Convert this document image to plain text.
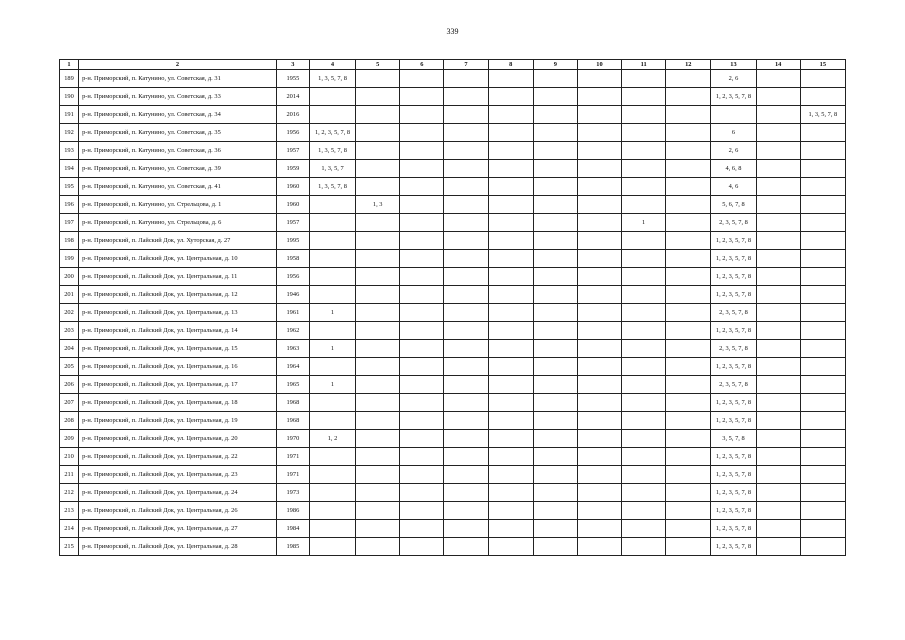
339
1	2	3	4	5	6	7	8	9	10	11	12	13	14	15
189	р-н. Приморский, п. Катунино, ул. Советская, д. 31	1955	1, 3, 5, 7, 8									2, 6		
190	р-н. Приморский, п. Катунино, ул. Советская, д. 33	2014										1, 2, 3, 5, 7, 8		
191	р-н. Приморский, п. Катунино, ул. Советская, д. 34	2016												1, 3, 5, 7, 8
192	р-н. Приморский, п. Катунино, ул. Советская, д. 35	1956	1, 2, 3, 5, 7, 8									6		
193	р-н. Приморский, п. Катунино, ул. Советская, д. 36	1957	1, 3, 5, 7, 8									2, 6		
194	р-н. Приморский, п. Катунино, ул. Советская, д. 39	1959	1, 3, 5, 7									4, 6, 8		
195	р-н. Приморский, п. Катунино, ул. Советская, д. 41	1960	1, 3, 5, 7, 8									4, 6		
196	р-н. Приморский, п. Катунино, ул. Стрельцова, д. 1	1960		1, 3								5, 6, 7, 8		
197	р-н. Приморский, п. Катунино, ул. Стрельцова, д. 6	1957								1		2, 3, 5, 7, 8		
198	р-н. Приморский, п. Лайский Док, ул. Хуторская, д. 27	1995										1, 2, 3, 5, 7, 8		
199	р-н. Приморский, п. Лайский Док, ул. Центральная, д. 10	1958										1, 2, 3, 5, 7, 8		
200	р-н. Приморский, п. Лайский Док, ул. Центральная, д. 11	1956										1, 2, 3, 5, 7, 8		
201	р-н. Приморский, п. Лайский Док, ул. Центральная, д. 12	1946										1, 2, 3, 5, 7, 8		
202	р-н. Приморский, п. Лайский Док, ул. Центральная, д. 13	1961	1									2, 3, 5, 7, 8		
203	р-н. Приморский, п. Лайский Док, ул. Центральная, д. 14	1962										1, 2, 3, 5, 7, 8		
204	р-н. Приморский, п. Лайский Док, ул. Центральная, д. 15	1963	1									2, 3, 5, 7, 8		
205	р-н. Приморский, п. Лайский Док, ул. Центральная, д. 16	1964										1, 2, 3, 5, 7, 8		
206	р-н. Приморский, п. Лайский Док, ул. Центральная, д. 17	1965	1									2, 3, 5, 7, 8		
207	р-н. Приморский, п. Лайский Док, ул. Центральная, д. 18	1968										1, 2, 3, 5, 7, 8		
208	р-н. Приморский, п. Лайский Док, ул. Центральная, д. 19	1968										1, 2, 3, 5, 7, 8		
209	р-н. Приморский, п. Лайский Док, ул. Центральная, д. 20	1970	1, 2									3, 5, 7, 8		
210	р-н. Приморский, п. Лайский Док, ул. Центральная, д. 22	1971										1, 2, 3, 5, 7, 8		
211	р-н. Приморский, п. Лайский Док, ул. Центральная, д. 23	1971										1, 2, 3, 5, 7, 8		
212	р-н. Приморский, п. Лайский Док, ул. Центральная, д. 24	1973										1, 2, 3, 5, 7, 8		
213	р-н. Приморский, п. Лайский Док, ул. Центральная, д. 26	1986										1, 2, 3, 5, 7, 8		
214	р-н. Приморский, п. Лайский Док, ул. Центральная, д. 27	1984										1, 2, 3, 5, 7, 8		
215	р-н. Приморский, п. Лайский Док, ул. Центральная, д. 28	1985										1, 2, 3, 5, 7, 8		
